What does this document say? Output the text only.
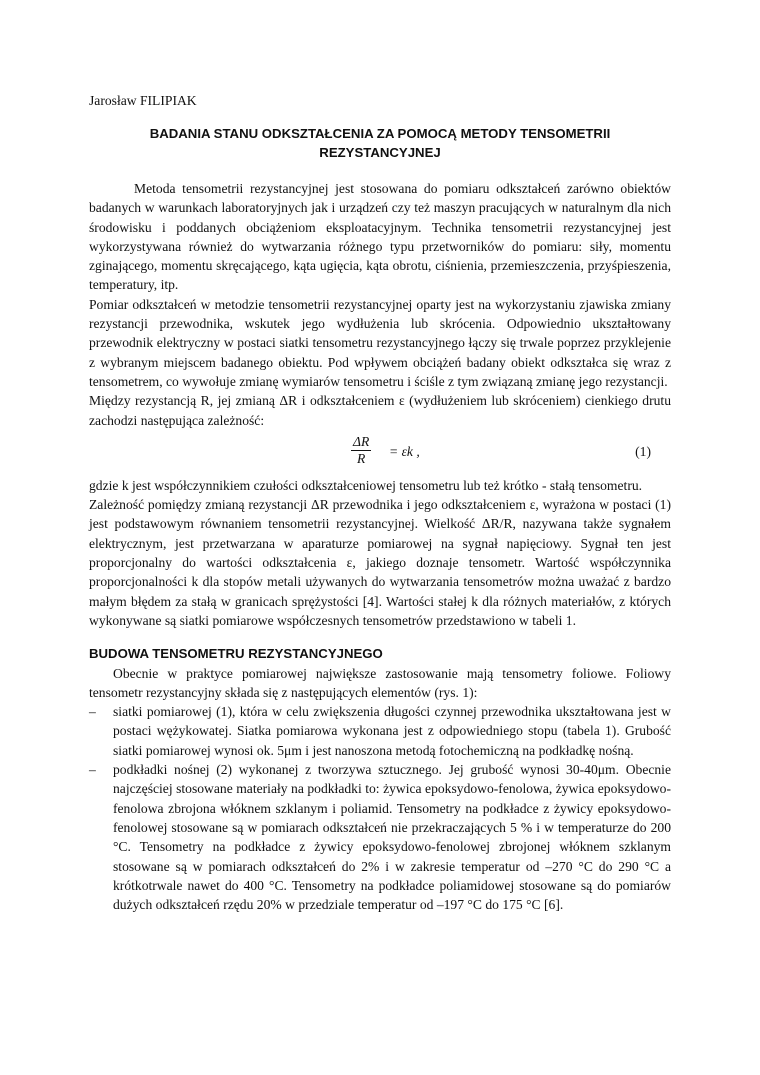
Jarosław FILIPIAK
BADANIA STANU ODKSZTAŁCENIA ZA POMOCĄ METODY TENSOMETRII REZYSTANCYJNEJ

Metoda tensometrii rezystancyjnej jest stosowana do pomiaru odkształceń zarówno obiektów badanych w warunkach laboratoryjnych jak i urządzeń czy też maszyn pracujących w naturalnym dla nich środowisku i poddanych obciążeniom eksploatacyjnym. Technika tensometrii rezystancyjnej jest wykorzystywana również do wytwarzania różnego typu przetworników do pomiaru: siły, momentu zginającego, momentu skręcającego, kąta ugięcia, kąta obrotu, ciśnienia, przemieszczenia, przyśpieszenia, temperatury, itp.

Pomiar odkształceń w metodzie tensometrii rezystancyjnej oparty jest na wykorzystaniu zjawiska zmiany rezystancji przewodnika, wskutek jego wydłużenia lub skrócenia. Odpowiednio ukształtowany przewodnik elektryczny w postaci siatki tensometru rezystancyjnego łączy się trwale poprzez przyklejenie z wybranym miejscem badanego obiektu. Pod wpływem obciążeń badany obiekt odkształca się wraz z tensometrem, co wywołuje zmianę wymiarów tensometru i ściśle z tym związaną zmianę jego rezystancji.

Między rezystancją R, jej zmianą ΔR i odkształceniem ε (wydłużeniem lub skróceniem) cienkiego drutu zachodzi następująca zależność:

$\frac{\Delta R}{R} = \varepsilon k$ ,	(1)

gdzie k jest współczynnikiem czułości odkształceniowej tensometru lub też krótko - stałą tensometru.

Zależność pomiędzy zmianą rezystancji ΔR przewodnika i jego odkształceniem ε, wyrażona w postaci (1) jest podstawowym równaniem tensometrii rezystancyjnej. Wielkość ΔR/R, nazywana także sygnałem elektrycznym, jest przetwarzana w aparaturze pomiarowej na sygnał napięciowy. Sygnał ten jest proporcjonalny do wartości odkształcenia ε, jakiego doznaje tensometr. Wartość współczynnika proporcjonalności k dla stopów metali używanych do wytwarzania tensometrów można uważać z bardzo małym błędem za stałą w granicach sprężystości [4]. Wartości stałej k dla różnych materiałów, z których wykonywane są siatki pomiarowe współczesnych tensometrów przedstawiono w tabeli 1.

BUDOWA TENSOMETRU REZYSTANCYJNEGO

Obecnie w praktyce pomiarowej największe zastosowanie mają tensometry foliowe. Foliowy tensometr rezystancyjny składa się z następujących elementów (rys. 1):

– siatki pomiarowej (1), która w celu zwiększenia długości czynnej przewodnika ukształtowana jest w postaci wężykowatej. Siatka pomiarowa wykonana jest z odpowiedniego stopu (tabela 1). Grubość siatki pomiarowej wynosi ok. 5μm i jest nanoszona metodą fotochemiczną na podkładkę nośną.
– podkładki nośnej (2) wykonanej z tworzywa sztucznego. Jej grubość wynosi 30-40μm. Obecnie najczęściej stosowane materiały na podkładki to: żywica epoksydowo-fenolowa, żywica epoksydowo-fenolowa zbrojona włóknem szklanym i poliamid. Tensometry na podkładce z żywicy epoksydowo-fenolowej stosowane są w pomiarach odkształceń nie przekraczających 5 % i w temperaturze do 200 °C. Tensometry na podkładce z żywicy epoksydowo-fenolowej zbrojonej włóknem szklanym stosowane są w pomiarach odkształceń do 2% i w zakresie temperatur od –270 °C do 290 °C a krótkotrwale nawet do 400 °C. Tensometry na podkładce poliamidowej stosowane są do pomiarów dużych odkształceń rzędu 20% w przedziale temperatur od –197 °C do 175 °C [6].
